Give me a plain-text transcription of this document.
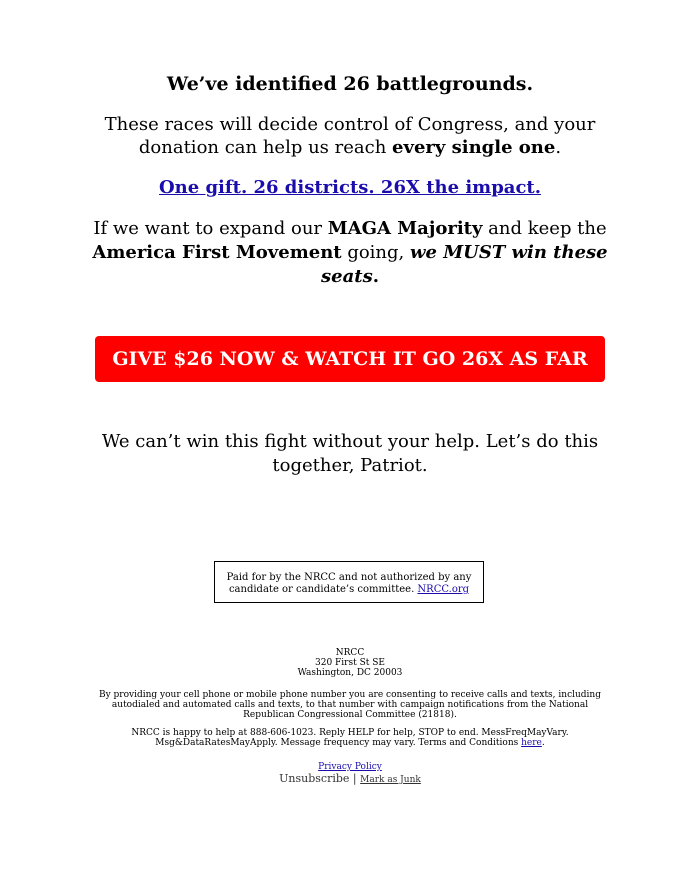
We’ve identified 26 battlegrounds.
These races will decide control of Congress, and your donation can help us reach every single one.
One gift. 26 districts. 26X the impact.
If we want to expand our MAGA Majority and keep the America First Movement going, we MUST win these seats.
GIVE $26 NOW & WATCH IT GO 26X AS FAR
We can’t win this fight without your help. Let’s do this together, Patriot.
Paid for by the NRCC and not authorized by any candidate or candidate’s committee. NRCC.org

NRCC

320 First St SE

Washington, DC 20003

By providing your cell phone or mobile phone number you are consenting to receive calls and texts, including autodialed and automated calls and texts, to that number with campaign notifications from the National Republican Congressional Committee (21818).

NRCC is happy to help at 888-606-1023. Reply HELP for help, STOP to end. MessFreqMayVary. Msg&DataRatesMayApply. Message frequency may vary. Terms and Conditions here.

Privacy Policy

Unsubscribe | Mark as Junk
